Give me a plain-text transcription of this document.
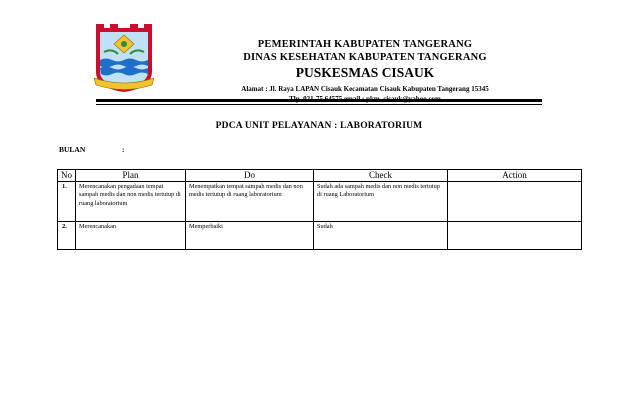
PEMERINTAH KABUPATEN TANGERANG
DINAS KESEHATAN KABUPATEN TANGERANG
PUSKESMAS CISAUK
Alamat : Jl. Raya LAPAN Cisauk Kecamatan Cisauk Kabupaten Tangerang 15345
PDCA UNIT PELAYANAN : LABORATORIUM
BULAN	:
No	Plan	Do	Check	Action
1.	Merencanakan pengadaan tempat sampah medis dan non medis tertutup di ruang laboratorium	Menempatkan tempat sampah medis dan non medis tertutup di ruang laboratorium	Sudah ada sampah medis dan non medis tertutup di ruang Laboratorium	
2.	Merencanakan	Memperbaiki	Sudah	
